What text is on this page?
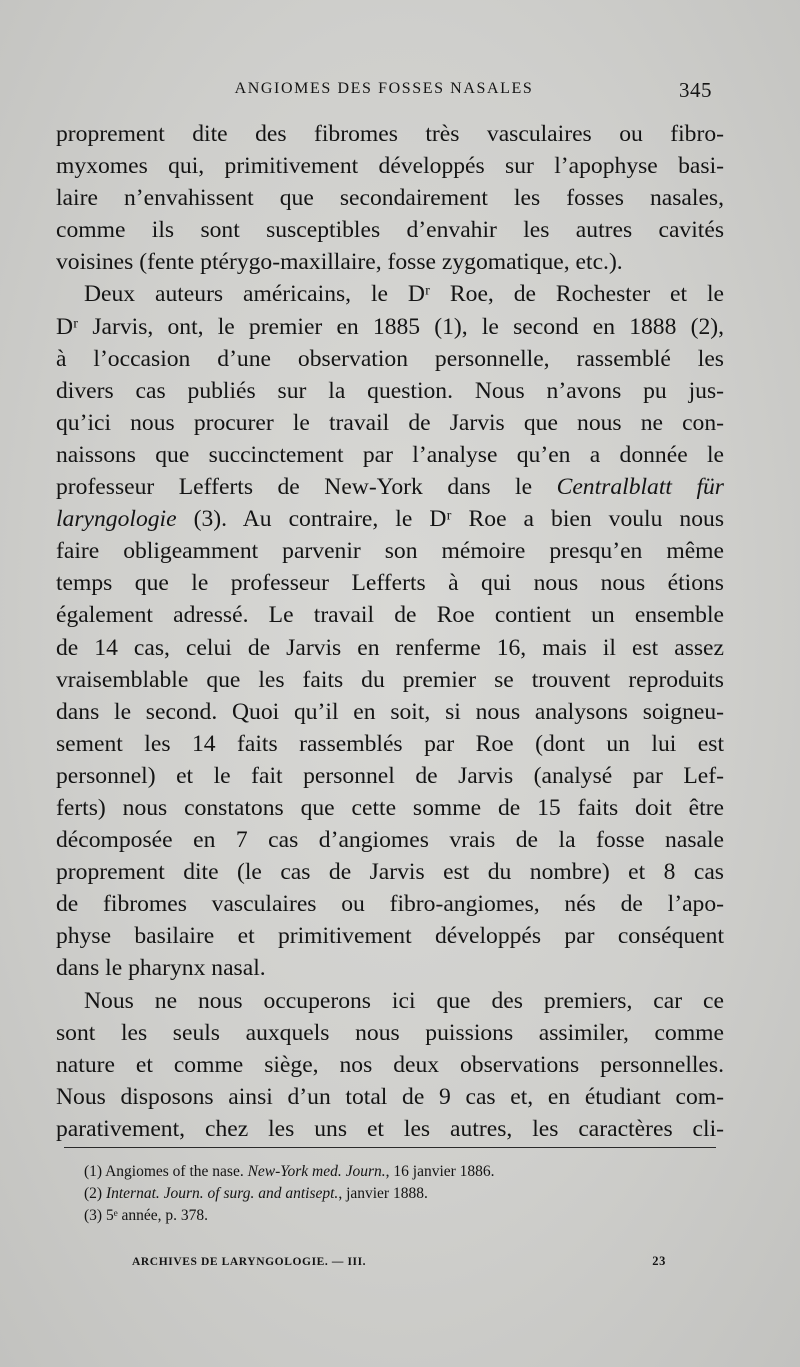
ANGIOMES DES FOSSES NASALES	345

proprement dite des fibromes très vasculaires ou fibro-

myxomes qui, primitivement développés sur l’apophyse basi-

laire n’envahissent que secondairement les fosses nasales,

comme ils sont susceptibles d’envahir les autres cavités

voisines (fente ptérygo-maxillaire, fosse zygomatique, etc.).

Deux auteurs américains, le Dʳ Roe, de Rochester et le

Dʳ Jarvis, ont, le premier en 1885 (1), le second en 1888 (2),

à l’occasion d’une observation personnelle, rassemblé les

divers cas publiés sur la question. Nous n’avons pu jus-

qu’ici nous procurer le travail de Jarvis que nous ne con-

naissons que succinctement par l’analyse qu’en a donnée le

professeur Lefferts de New-York dans le Centralblatt für

laryngologie (3). Au contraire, le Dʳ Roe a bien voulu nous

faire obligeamment parvenir son mémoire presqu’en même

temps que le professeur Lefferts à qui nous nous étions

également adressé. Le travail de Roe contient un ensemble

de 14 cas, celui de Jarvis en renferme 16, mais il est assez

vraisemblable que les faits du premier se trouvent reproduits

dans le second. Quoi qu’il en soit, si nous analysons soigneu-

sement les 14 faits rassemblés par Roe (dont un lui est

personnel) et le fait personnel de Jarvis (analysé par Lef-

ferts) nous constatons que cette somme de 15 faits doit être

décomposée en 7 cas d’angiomes vrais de la fosse nasale

proprement dite (le cas de Jarvis est du nombre) et 8 cas

de fibromes vasculaires ou fibro-angiomes, nés de l’apo-

physe basilaire et primitivement développés par conséquent

dans le pharynx nasal.

Nous ne nous occuperons ici que des premiers, car ce

sont les seuls auxquels nous puissions assimiler, comme

nature et comme siège, nos deux observations personnelles.

Nous disposons ainsi d’un total de 9 cas et, en étudiant com-

parativement, chez les uns et les autres, les caractères cli-

(1) Angiomes of the nase. New-York med. Journ., 16 janvier 1886.
(2) Internat. Journ. of surg. and antisept., janvier 1888.
(3) 5ᵉ année, p. 378.
ARCHIVES DE LARYNGOLOGIE. — III.	23
